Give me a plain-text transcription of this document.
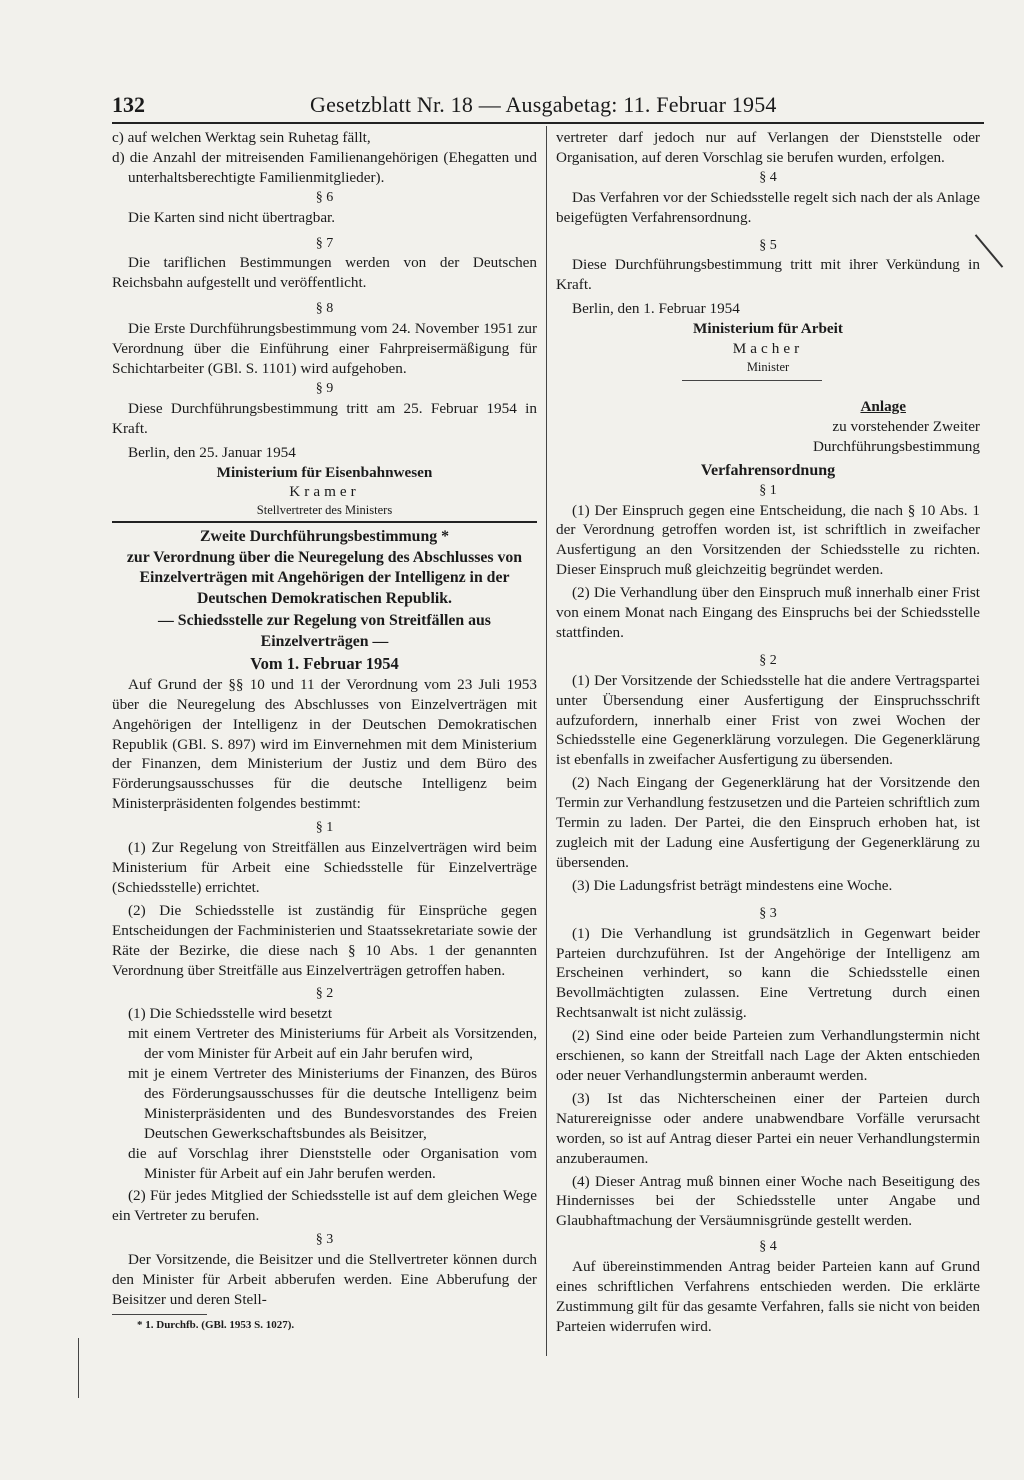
132	Gesetzblatt Nr. 18 — Ausgabetag: 11. Februar 1954

c) auf welchen Werktag sein Ruhetag fällt,

d) die Anzahl der mitreisenden Familienangehörigen (Ehegatten und unterhaltsberechtigte Familienmitglieder).

§ 6

Die Karten sind nicht übertragbar.

§ 7

Die tariflichen Bestimmungen werden von der Deutschen Reichsbahn aufgestellt und veröffentlicht.

§ 8

Die Erste Durchführungsbestimmung vom 24. November 1951 zur Verordnung über die Einführung einer Fahrpreisermäßigung für Schichtarbeiter (GBl. S. 1101) wird aufgehoben.

§ 9

Diese Durchführungsbestimmung tritt am 25. Februar 1954 in Kraft.

Berlin, den 25. Januar 1954

Ministerium für Eisenbahnwesen

Kramer

Stellvertreter des Ministers

Zweite Durchführungsbestimmung *

zur Verordnung über die Neuregelung des Abschlusses von Einzelverträgen mit Angehörigen der Intelligenz in der Deutschen Demokratischen Republik.

— Schiedsstelle zur Regelung von Streitfällen aus Einzelverträgen —

Vom 1. Februar 1954

Auf Grund der §§ 10 und 11 der Verordnung vom 23 Juli 1953 über die Neuregelung des Abschlusses von Einzelverträgen mit Angehörigen der Intelligenz in der Deutschen Demokratischen Republik (GBl. S. 897) wird im Einvernehmen mit dem Ministerium der Finanzen, dem Ministerium der Justiz und dem Büro des Förderungsausschusses für die deutsche Intelligenz beim Ministerpräsidenten folgendes bestimmt:

§ 1

(1) Zur Regelung von Streitfällen aus Einzelverträgen wird beim Ministerium für Arbeit eine Schiedsstelle für Einzelverträge (Schiedsstelle) errichtet.

(2) Die Schiedsstelle ist zuständig für Einsprüche gegen Entscheidungen der Fachministerien und Staatssekretariate sowie der Räte der Bezirke, die diese nach § 10 Abs. 1 der genannten Verordnung über Streitfälle aus Einzelverträgen getroffen haben.

§ 2

(1) Die Schiedsstelle wird besetzt

mit einem Vertreter des Ministeriums für Arbeit als Vorsitzenden, der vom Minister für Arbeit auf ein Jahr berufen wird,

mit je einem Vertreter des Ministeriums der Finanzen, des Büros des Förderungsausschusses für die deutsche Intelligenz beim Ministerpräsidenten und des Bundesvorstandes des Freien Deutschen Gewerkschaftsbundes als Beisitzer,

die auf Vorschlag ihrer Dienststelle oder Organisation vom Minister für Arbeit auf ein Jahr berufen werden.

(2) Für jedes Mitglied der Schiedsstelle ist auf dem gleichen Wege ein Vertreter zu berufen.

§ 3

Der Vorsitzende, die Beisitzer und die Stellvertreter können durch den Minister für Arbeit abberufen werden. Eine Abberufung der Beisitzer und deren Stell-

* 1. Durchfb. (GBl. 1953 S. 1027).

vertreter darf jedoch nur auf Verlangen der Dienststelle oder Organisation, auf deren Vorschlag sie berufen wurden, erfolgen.

§ 4

Das Verfahren vor der Schiedsstelle regelt sich nach der als Anlage beigefügten Verfahrensordnung.

§ 5

Diese Durchführungsbestimmung tritt mit ihrer Verkündung in Kraft.

Berlin, den 1. Februar 1954

Ministerium für Arbeit

Macher

Minister

Anlage

zu vorstehender Zweiter

Durchführungsbestimmung

Verfahrensordnung

§ 1

(1) Der Einspruch gegen eine Entscheidung, die nach § 10 Abs. 1 der Verordnung getroffen worden ist, ist schriftlich in zweifacher Ausfertigung an den Vorsitzenden der Schiedsstelle zu richten. Dieser Einspruch muß gleichzeitig begründet werden.

(2) Die Verhandlung über den Einspruch muß innerhalb einer Frist von einem Monat nach Eingang des Einspruchs bei der Schiedsstelle stattfinden.

§ 2

(1) Der Vorsitzende der Schiedsstelle hat die andere Vertragspartei unter Übersendung einer Ausfertigung der Einspruchsschrift aufzufordern, innerhalb einer Frist von zwei Wochen der Schiedsstelle eine Gegenerklärung vorzulegen. Die Gegenerklärung ist ebenfalls in zweifacher Ausfertigung zu übersenden.

(2) Nach Eingang der Gegenerklärung hat der Vorsitzende den Termin zur Verhandlung festzusetzen und die Parteien schriftlich zum Termin zu laden. Der Partei, die den Einspruch erhoben hat, ist zugleich mit der Ladung eine Ausfertigung der Gegenerklärung zu übersenden.

(3) Die Ladungsfrist beträgt mindestens eine Woche.

§ 3

(1) Die Verhandlung ist grundsätzlich in Gegenwart beider Parteien durchzuführen. Ist der Angehörige der Intelligenz am Erscheinen verhindert, so kann die Schiedsstelle einen Bevollmächtigten zulassen. Eine Vertretung durch einen Rechtsanwalt ist nicht zulässig.

(2) Sind eine oder beide Parteien zum Verhandlungstermin nicht erschienen, so kann der Streitfall nach Lage der Akten entschieden oder neuer Verhandlungstermin anberaumt werden.

(3) Ist das Nichterscheinen einer der Parteien durch Naturereignisse oder andere unabwendbare Vorfälle verursacht worden, so ist auf Antrag dieser Partei ein neuer Verhandlungstermin anzuberaumen.

(4) Dieser Antrag muß binnen einer Woche nach Beseitigung des Hindernisses bei der Schiedsstelle unter Angabe und Glaubhaftmachung der Versäumnisgründe gestellt werden.

§ 4

Auf übereinstimmenden Antrag beider Parteien kann auf Grund eines schriftlichen Verfahrens entschieden werden. Die erklärte Zustimmung gilt für das gesamte Verfahren, falls sie nicht von beiden Parteien widerrufen wird.
